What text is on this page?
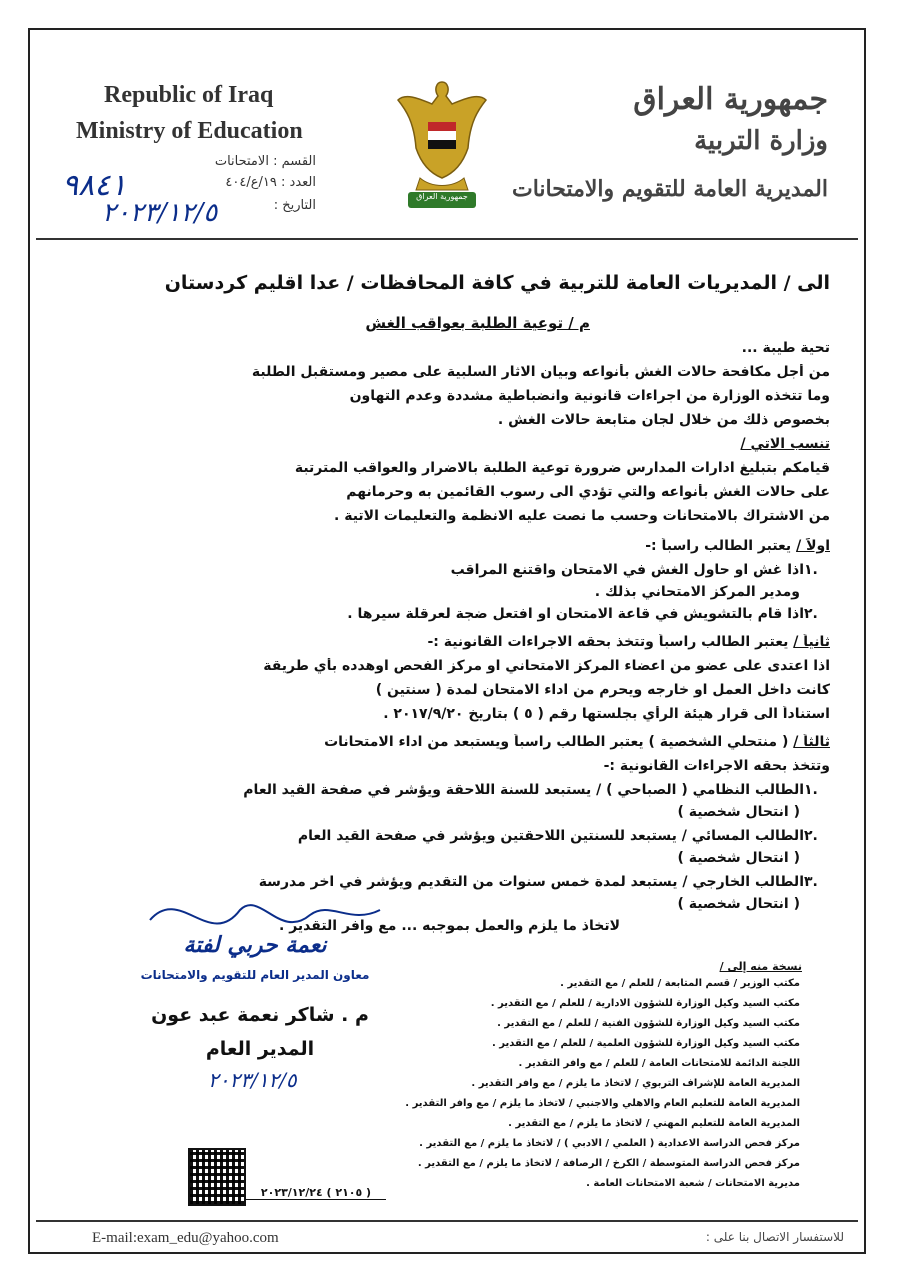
Republic of Iraq
Ministry of Education
القسم : الامتحانات
العدد : ١٩/ع/٤٠٤
التاريخ :
٩٨٤١
٢٠٢٣/١٢/٥
جمهورية العراق
جمهورية العراق
وزارة التربية
المديرية العامة للتقويم والامتحانات
الى / المديريات العامة للتربية في كافة المحافظات / عدا اقليم كردستان
م / توعية الطلبة بعواقب الغش
تحية طيبة ...
من أجل مكافحة حالات الغش بأنواعه وبيان الاثار السلبية على مصير ومستقبل الطلبة
وما تتخذه الوزارة من اجراءات قانونية وانضباطية مشددة وعدم التهاون
بخصوص ذلك من خلال لجان متابعة حالات الغش .
تنسب الاتي /
قيامكم بتبليغ ادارات المدارس ضرورة توعية الطلبة بالاضرار والعواقب المترتبة
على حالات الغش بأنواعه والتي تؤدي الى رسوب القائمين به وحرمانهم
من الاشتراك بالامتحانات وحسب ما نصت عليه الانظمة والتعليمات الاتية .
اولاً / يعتبر الطالب راسباً :-
.١اذا غش او حاول الغش في الامتحان واقتنع المراقب
ومدير المركز الامتحاني بذلك .
.٢اذا قام بالتشويش في قاعة الامتحان او افتعل ضجة لعرقلة سيرها .
ثانياً / يعتبر الطالب راسباً وتتخذ بحقه الاجراءات القانونية :-
اذا اعتدى على عضو من اعضاء المركز الامتحاني او مركز الفحص اوهدده بأي طريقة
كانت داخل العمل او خارجه ويحرم من اداء الامتحان لمدة ( سنتين )
استناداً الى قرار هيئة الرأي بجلستها رقم ( ٥ ) بتاريخ ٢٠١٧/٩/٢٠ .
ثالثاً / ( منتحلي الشخصية ) يعتبر الطالب راسباً ويستبعد من اداء الامتحانات
وتتخذ بحقه الاجراءات القانونية :-
.١الطالب النظامي ( الصباحي ) / يستبعد للسنة اللاحقة ويؤشر في صفحة القيد العام
( انتحال شخصية )
.٢الطالب المسائي / يستبعد للسنتين اللاحقتين ويؤشر في صفحة القيد العام
( انتحال شخصية )
.٣الطالب الخارجي / يستبعد لمدة خمس سنوات من التقديم ويؤشر في اخر مدرسة
( انتحال شخصية )
لاتخاذ ما يلزم والعمل بموجبه ... مع وافر التقدير .
نعمة حربي لفتة
معاون المدير العام للتقويم والامتحانات
م . شاكر نعمة عبد عون
المدير العام
٢٠٢٣/١٢/٥
( ٢١٠٥ ) ٢٠٢٣/١٢/٢٤
نسخة منه إلى /
مكتب الوزير / قسم المتابعة / للعلم / مع التقدير .
مكتب السيد وكيل الوزارة للشؤون الادارية / للعلم / مع التقدير .
مكتب السيد وكيل الوزارة للشؤون الفنية / للعلم / مع التقدير .
مكتب السيد وكيل الوزارة للشؤون العلمية / للعلم / مع التقدير .
اللجنة الدائمة للامتحانات العامة / للعلم / مع وافر التقدير .
المديرية العامة للإشراف التربوي / لاتخاذ ما يلزم / مع وافر التقدير .
المديرية العامة للتعليم العام والاهلي والاجنبي / لاتخاذ ما يلزم / مع وافر التقدير .
المديرية العامة للتعليم المهني / لاتخاذ ما يلزم / مع التقدير .
مركز فحص الدراسة الاعدادية ( العلمي / الادبي ) / لاتخاذ ما يلزم / مع التقدير .
مركز فحص الدراسة المتوسطة / الكرخ / الرصافة / لاتخاذ ما يلزم / مع التقدير .
مديرية الامتحانات / شعبة الامتحانات العامة .
E-mail:exam_edu@yahoo.com	للاستفسار الاتصال بنا على :
